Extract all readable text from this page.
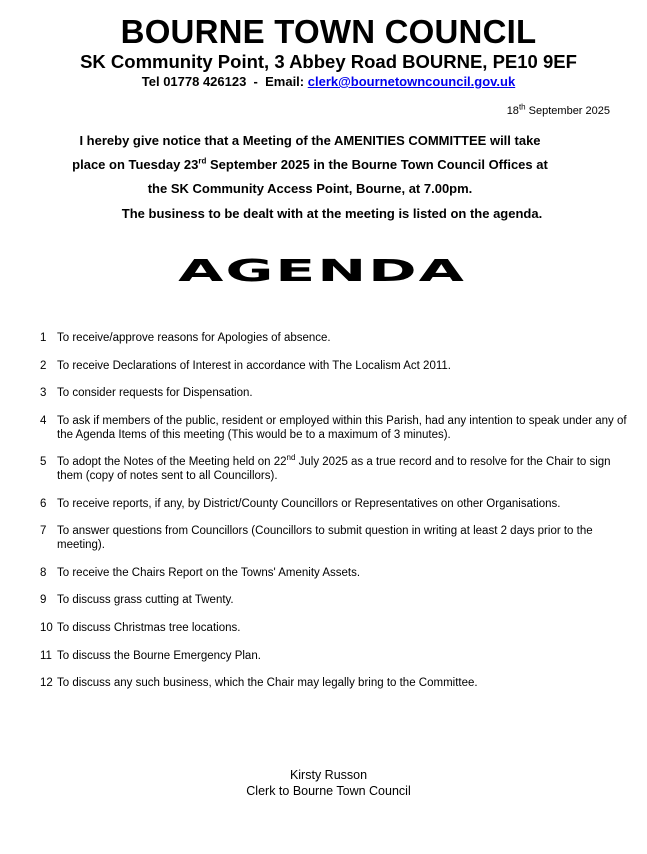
BOURNE TOWN COUNCIL
SK Community Point, 3 Abbey Road BOURNE, PE10 9EF
Tel 01778 426123  -  Email: clerk@bournetowncouncil.gov.uk
18th September 2025
I hereby give notice that a Meeting of the AMENITIES COMMITTEE will take
place on Tuesday 23rd September 2025 in the Bourne Town Council Offices at
the SK Community Access Point, Bourne, at 7.00pm.
The business to be dealt with at the meeting is listed on the agenda.
AGENDA
1 To receive/approve reasons for Apologies of absence.
2 To receive Declarations of Interest in accordance with The Localism Act 2011.
3 To consider requests for Dispensation.
4 To ask if members of the public, resident or employed within this Parish, had any intention to speak under any of the Agenda Items of this meeting (This would be to a maximum of 3 minutes).
5 To adopt the Notes of the Meeting held on 22nd July 2025 as a true record and to resolve for the Chair to sign them (copy of notes sent to all Councillors).
6 To receive reports, if any, by District/County Councillors or Representatives on other Organisations.
7 To answer questions from Councillors (Councillors to submit question in writing at least 2 days prior to the meeting).
8 To receive the Chairs Report on the Towns' Amenity Assets.
9 To discuss grass cutting at Twenty.
10 To discuss Christmas tree locations.
11 To discuss the Bourne Emergency Plan.
12 To discuss any such business, which the Chair may legally bring to the Committee.
Kirsty Russon
Clerk to Bourne Town Council
